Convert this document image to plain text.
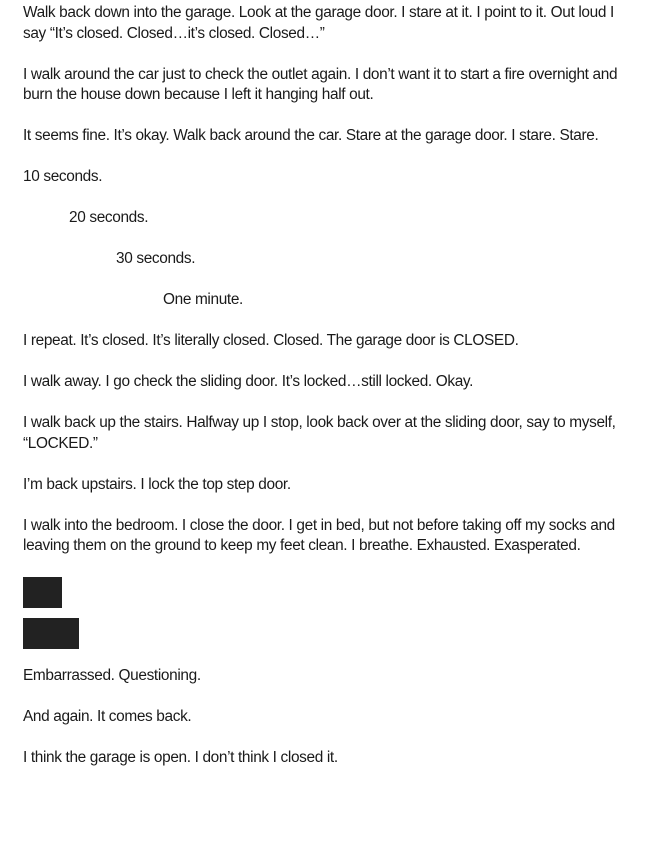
Walk back down into the garage. Look at the garage door. I stare at it. I point to it. Out loud I say “It’s closed. Closed…it’s closed. Closed…”

I walk around the car just to check the outlet again. I don’t want it to start a fire overnight and burn the house down because I left it hanging half out.

It seems fine. It’s okay. Walk back around the car. Stare at the garage door. I stare. Stare.

10 seconds.

20 seconds.

30 seconds.

One minute.

I repeat. It’s closed. It’s literally closed. Closed. The garage door is CLOSED.

I walk away. I go check the sliding door. It’s locked…still locked. Okay.

I walk back up the stairs. Halfway up I stop, look back over at the sliding door, say to myself, “LOCKED.”

I’m back upstairs. I lock the top step door.

I walk into the bedroom. I close the door. I get in bed, but not before taking off my socks and leaving them on the ground to keep my feet clean. I breathe. Exhausted. Exasperated.

Embarrassed. Questioning.

And again. It comes back.

I think the garage is open. I don’t think I closed it.
